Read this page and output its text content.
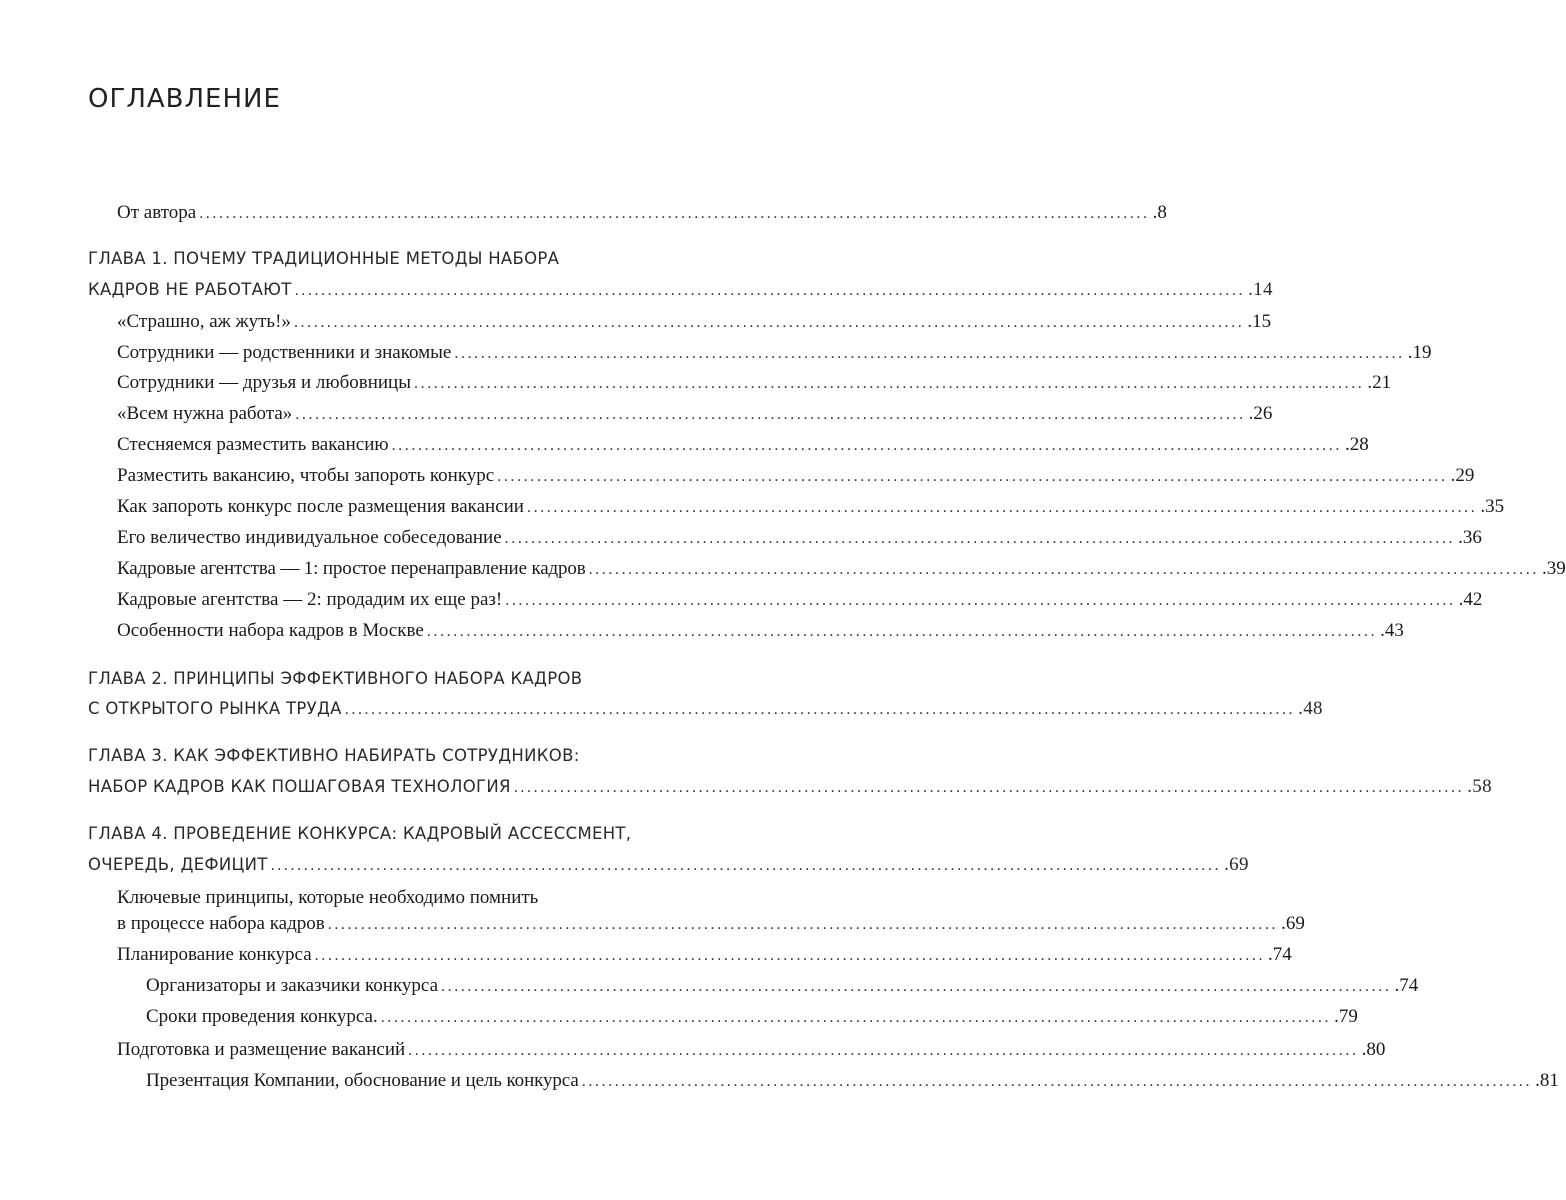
ОГЛАВЛЕНИЕ
От автора ................................................................................................................................................ .8
ГЛАВА 1. ПОЧЕМУ ТРАДИЦИОННЫЕ МЕТОДЫ НАБОРА
КАДРОВ НЕ РАБОТАЮТ ................................................................................................................................................ .14
«Страшно, аж жуть!» ................................................................................................................................................ .15
Сотрудники — родственники и знакомые ................................................................................................................................................ .19
Сотрудники — друзья и любовницы ................................................................................................................................................ .21
«Всем нужна работа» ................................................................................................................................................ .26
Стесняемся разместить вакансию ................................................................................................................................................ .28
Разместить вакансию, чтобы запороть конкурс ................................................................................................................................................ .29
Как запороть конкурс после размещения вакансии ................................................................................................................................................ .35
Его величество индивидуальное собеседование ................................................................................................................................................ .36
Кадровые агентства — 1: простое перенаправление кадров ................................................................................................................................................ .39
Кадровые агентства — 2: продадим их еще раз! ................................................................................................................................................ .42
Особенности набора кадров в Москве ................................................................................................................................................ .43
ГЛАВА 2. ПРИНЦИПЫ ЭФФЕКТИВНОГО НАБОРА КАДРОВ
С ОТКРЫТОГО РЫНКА ТРУДА ................................................................................................................................................ .48
ГЛАВА 3. КАК ЭФФЕКТИВНО НАБИРАТЬ СОТРУДНИКОВ:
НАБОР КАДРОВ КАК ПОШАГОВАЯ ТЕХНОЛОГИЯ ................................................................................................................................................ .58
ГЛАВА 4. ПРОВЕДЕНИЕ КОНКУРСА: КАДРОВЫЙ АССЕССМЕНТ,
ОЧЕРЕДЬ, ДЕФИЦИТ ................................................................................................................................................ .69
Ключевые принципы, которые необходимо помнить
в процессе набора кадров ................................................................................................................................................ .69
Планирование конкурса ................................................................................................................................................ .74
Организаторы и заказчики конкурса ................................................................................................................................................ .74
Сроки проведения конкурса. ................................................................................................................................................ .79
Подготовка и размещение вакансий ................................................................................................................................................ .80
Презентация Компании, обоснование и цель конкурса ................................................................................................................................................ .81
